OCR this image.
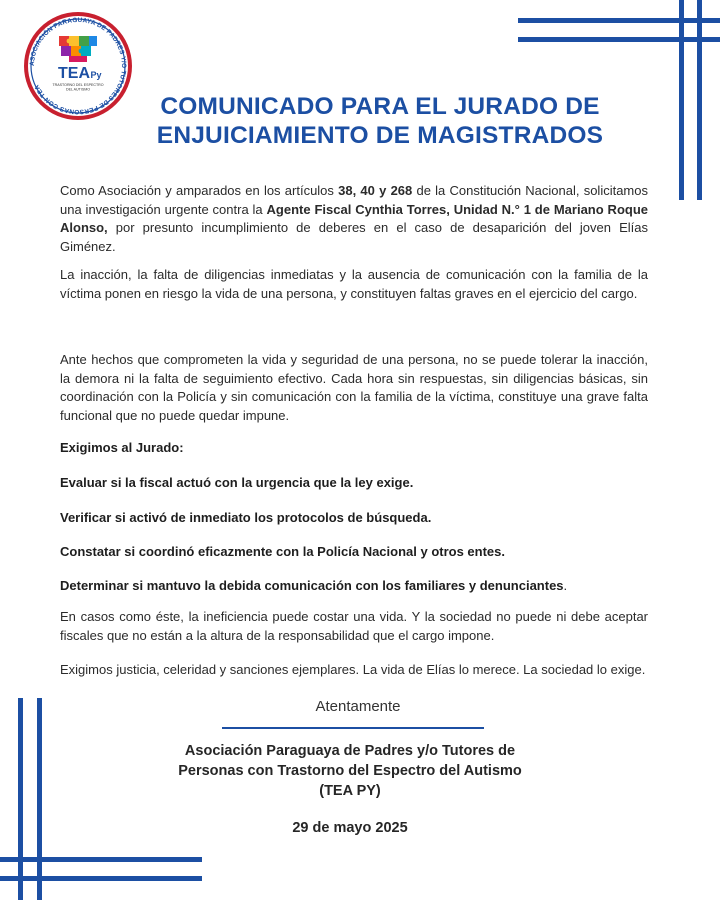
ASOCIACIÓN PARAGUAYA DE PADRES Y/O TUTORES DE PERSONAS CON TEA
TEA Py
TRASTORNO DEL ESPECTRO
DEL AUTISMO
COMUNICADO PARA EL JURADO DE
ENJUICIAMIENTO DE MAGISTRADOS

Como Asociación y amparados en los artículos 38, 40 y 268 de la Constitución Nacional, solicitamos una investigación urgente contra la Agente Fiscal Cynthia Torres, Unidad N.° 1 de Mariano Roque Alonso, por presunto incumplimiento de deberes en el caso de desaparición del joven Elías Giménez.

La inacción, la falta de diligencias inmediatas y la ausencia de comunicación con la familia de la víctima ponen en riesgo la vida de una persona, y constituyen faltas graves en el ejercicio del cargo.

Ante hechos que comprometen la vida y seguridad de una persona, no se puede tolerar la inacción, la demora ni la falta de seguimiento efectivo. Cada hora sin respuestas, sin diligencias básicas, sin coordinación con la Policía y sin comunicación con la familia de la víctima, constituye una grave falta funcional que no puede quedar impune.

Exigimos al Jurado:

Evaluar si la fiscal actuó con la urgencia que la ley exige.

Verificar si activó de inmediato los protocolos de búsqueda.

Constatar si coordinó eficazmente con la Policía Nacional y otros entes.

Determinar si mantuvo la debida comunicación con los familiares y denunciantes.

En casos como éste, la ineficiencia puede costar una vida. Y la sociedad no puede ni debe aceptar fiscales que no están a la altura de la responsabilidad que el cargo impone.

Exigimos justicia, celeridad y sanciones ejemplares. La vida de Elías lo merece. La sociedad lo exige.

Atentamente
Asociación Paraguaya de Padres y/o Tutores de
Personas con Trastorno del Espectro del Autismo
(TEA PY)
29 de mayo 2025
